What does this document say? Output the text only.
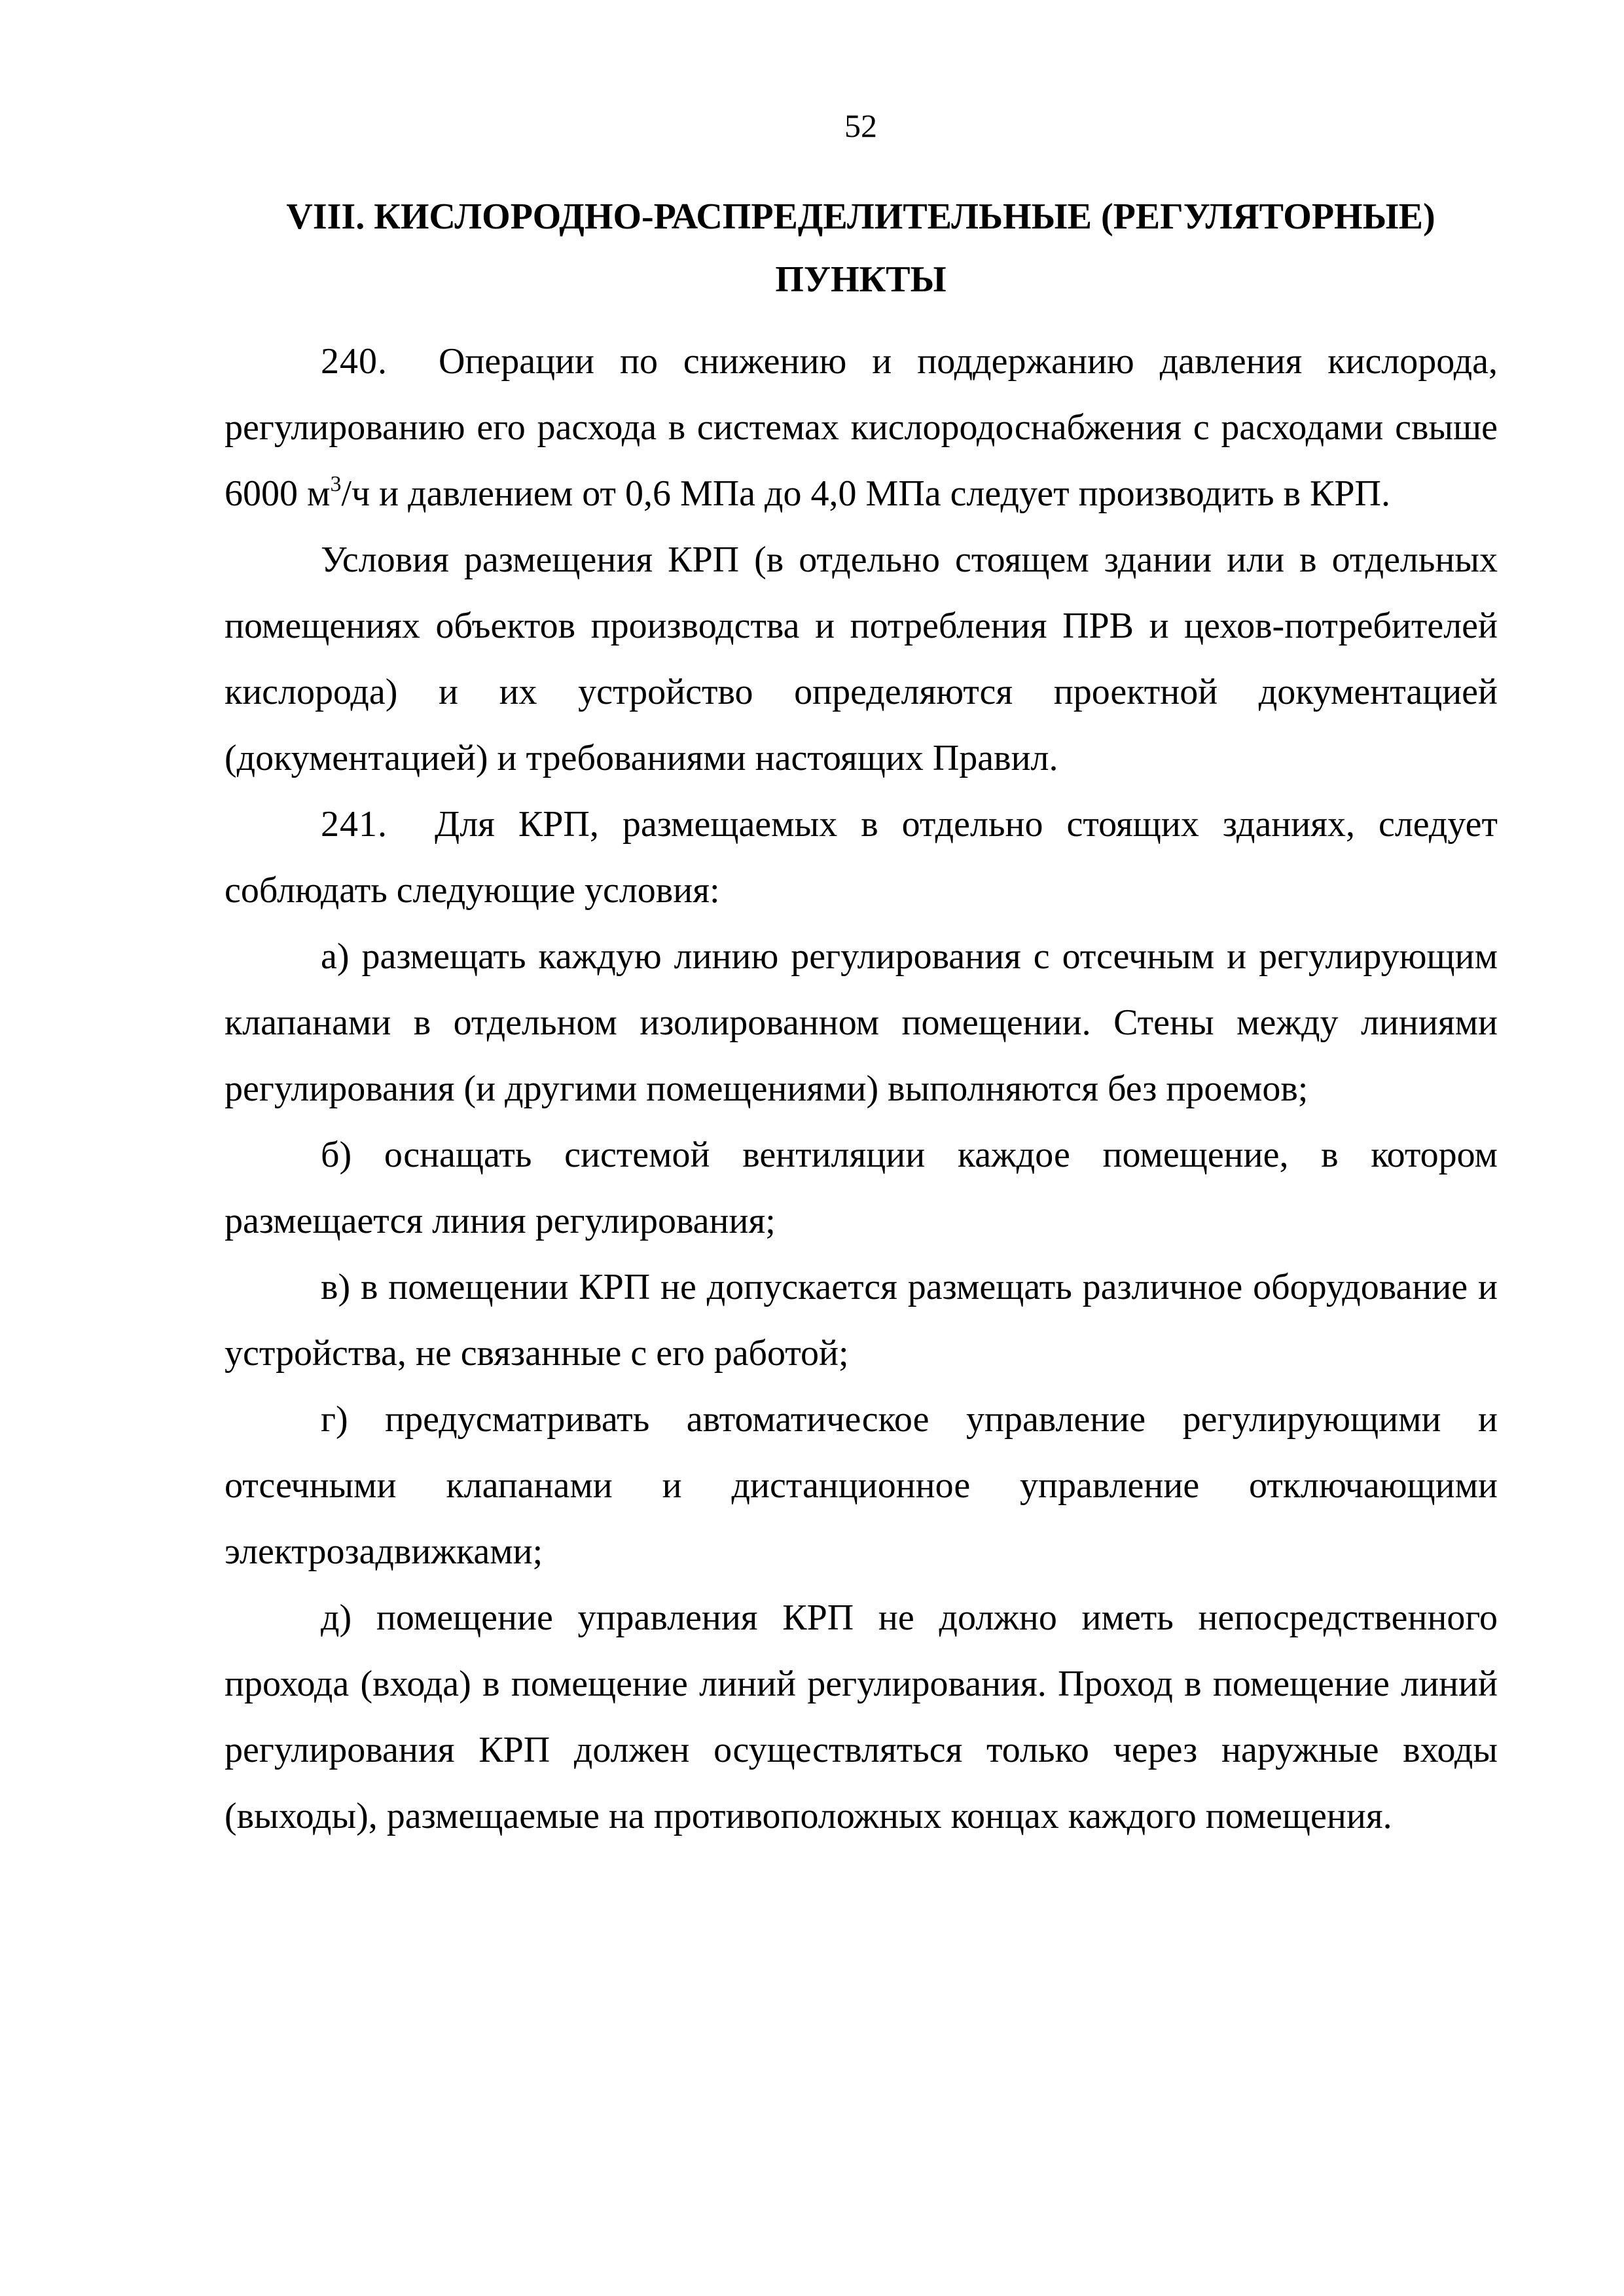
52
VIII. КИСЛОРОДНО-РАСПРЕДЕЛИТЕЛЬНЫЕ (РЕГУЛЯТОРНЫЕ) ПУНКТЫ

240. Операции по снижению и поддержанию давления кислорода, регулированию его расхода в системах кислородоснабжения с расходами свыше 6000 $м^3/ч$ и давлением от 0,6 МПа до 4,0 МПа следует производить в КРП.

Условия размещения КРП (в отдельно стоящем здании или в отдельных помещениях объектов производства и потребления ПРВ и цехов-потребителей кислорода) и их устройство определяются проектной документацией (документацией) и требованиями настоящих Правил.

241. Для КРП, размещаемых в отдельно стоящих зданиях, следует соблюдать следующие условия:

а) размещать каждую линию регулирования с отсечным и регулирующим клапанами в отдельном изолированном помещении. Стены между линиями регулирования (и другими помещениями) выполняются без проемов;

б) оснащать системой вентиляции каждое помещение, в котором размещается линия регулирования;

в) в помещении КРП не допускается размещать различное оборудование и устройства, не связанные с его работой;

г) предусматривать автоматическое управление регулирующими и отсечными клапанами и дистанционное управление отключающими электрозадвижками;

д) помещение управления КРП не должно иметь непосредственного прохода (входа) в помещение линий регулирования. Проход в помещение линий регулирования КРП должен осуществляться только через наружные входы (выходы), размещаемые на противоположных концах каждого помещения.
